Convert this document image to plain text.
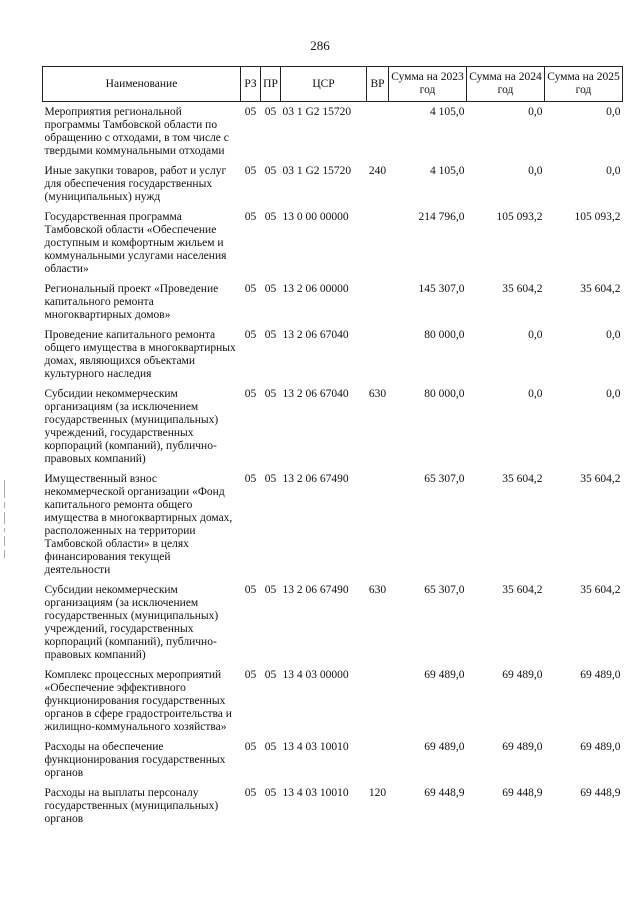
286
Наименование	РЗ	ПР	ЦСР	ВР	Сумма на 2023 год	Сумма на 2024 год	Сумма на 2025 год
Мероприятия региональной программы Тамбовской области по обращению с отходами, в том числе с твердыми коммунальными отходами	05	05	03 1 G2 15720		4 105,0	0,0	0,0
Иные закупки товаров, работ и услуг для обеспечения государственных (муниципальных) нужд	05	05	03 1 G2 15720	240	4 105,0	0,0	0,0
Государственная программа Тамбовской области «Обеспечение доступным и комфортным жильем и коммунальными услугами населения области»	05	05	13 0 00 00000		214 796,0	105 093,2	105 093,2
Региональный проект «Проведение капитального ремонта многоквартирных домов»	05	05	13 2 06 00000		145 307,0	35 604,2	35 604,2
Проведение капитального ремонта общего имущества в многоквартирных домах, являющихся объектами культурного наследия	05	05	13 2 06 67040		80 000,0	0,0	0,0
Субсидии некоммерческим организациям (за исключением государственных (муниципальных) учреждений, государственных корпораций (компаний), публично-правовых компаний)	05	05	13 2 06 67040	630	80 000,0	0,0	0,0
Имущественный взнос некоммерческой организации «Фонд капитального ремонта общего имущества в многоквартирных домах, расположенных на территории Тамбовской области» в целях финансирования текущей деятельности	05	05	13 2 06 67490		65 307,0	35 604,2	35 604,2
Субсидии некоммерческим организациям (за исключением государственных (муниципальных) учреждений, государственных корпораций (компаний), публично-правовых компаний)	05	05	13 2 06 67490	630	65 307,0	35 604,2	35 604,2
Комплекс процессных мероприятий «Обеспечение эффективного функционирования государственных органов в сфере градостроительства и жилищно-коммунального хозяйства»	05	05	13 4 03 00000		69 489,0	69 489,0	69 489,0
Расходы на обеспечение функционирования государственных органов	05	05	13 4 03 10010		69 489,0	69 489,0	69 489,0
Расходы на выплаты персоналу государственных (муниципальных) органов	05	05	13 4 03 10010	120	69 448,9	69 448,9	69 448,9
